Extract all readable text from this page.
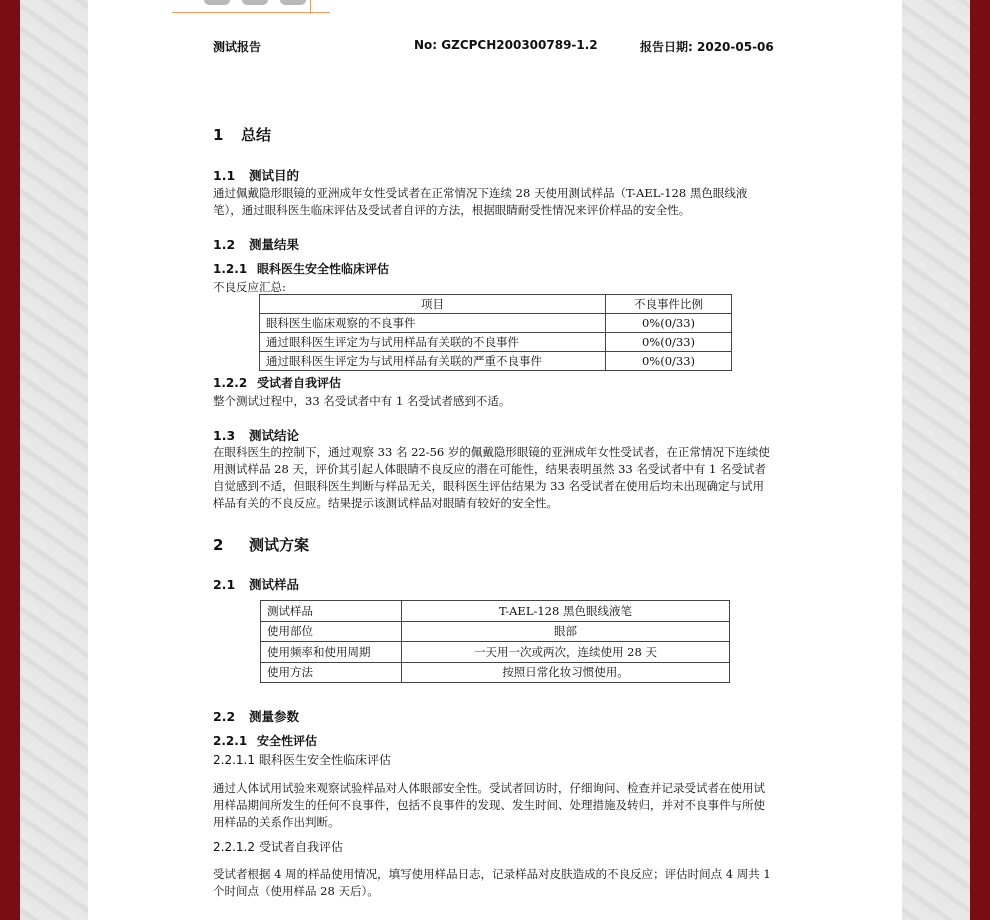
测试报告	No: GZCPCH200300789-1.2	报告日期: 2020-05-06
1 总结
1.1 测试目的

通过佩戴隐形眼镜的亚洲成年女性受试者在正常情况下连续 28 天使用测试样品（T-AEL-128 黑色眼线液笔），通过眼科医生临床评估及受试者自评的方法，根据眼睛耐受性情况来评价样品的安全性。

1.2 测量结果
1.2.1 眼科医生安全性临床评估
不良反应汇总:
项目	不良事件比例
眼科医生临床观察的不良事件	0%(0/33)
通过眼科医生评定为与试用样品有关联的不良事件	0%(0/33)
通过眼科医生评定为与试用样品有关联的严重不良事件	0%(0/33)
1.2.2 受试者自我评估

整个测试过程中，33 名受试者中有 1 名受试者感到不适。

1.3 测试结论

在眼科医生的控制下，通过观察 33 名 22-56 岁的佩戴隐形眼镜的亚洲成年女性受试者，在正常情况下连续使用测试样品 28 天，评价其引起人体眼睛不良反应的潜在可能性，结果表明虽然 33 名受试者中有 1 名受试者自觉感到不适，但眼科医生判断与样品无关，眼科医生评估结果为 33 名受试者在使用后均未出现确定与试用样品有关的不良反应。结果提示该测试样品对眼睛有较好的安全性。

2 测试方案
2.1 测试样品
测试样品	T-AEL-128 黑色眼线液笔
使用部位	眼部
使用频率和使用周期	一天用一次或两次，连续使用 28 天
使用方法	按照日常化妆习惯使用。
2.2 测量参数
2.2.1 安全性评估
2.2.1.1 眼科医生安全性临床评估

通过人体试用试验来观察试验样品对人体眼部安全性。受试者回访时，仔细询问、检查并记录受试者在使用试用样品期间所发生的任何不良事件，包括不良事件的发现、发生时间、处理措施及转归，并对不良事件与所使用样品的关系作出判断。

2.2.1.2 受试者自我评估

受试者根据 4 周的样品使用情况，填写使用样品日志，记录样品对皮肤造成的不良反应；评估时间点 4 周共 1 个时间点（使用样品 28 天后）。
